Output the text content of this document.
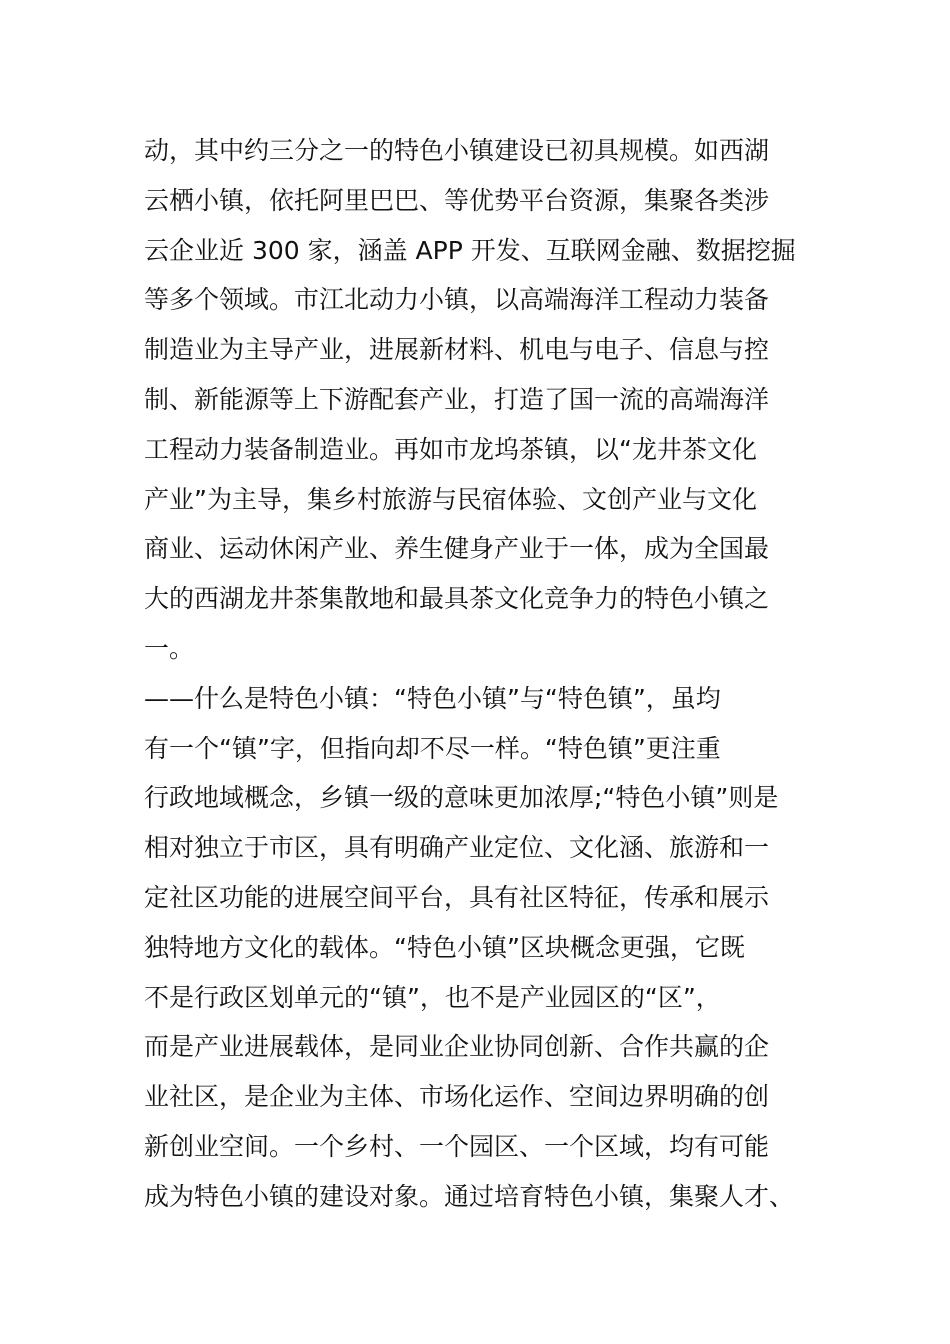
动，其中约三分之一的特色小镇建设已初具规模。如西湖
云栖小镇，依托阿里巴巴、等优势平台资源，集聚各类涉
云企业近 300 家，涵盖 APP 开发、互联网金融、数据挖掘
等多个领域。市江北动力小镇，以高端海洋工程动力装备
制造业为主导产业，进展新材料、机电与电子、信息与控
制、新能源等上下游配套产业，打造了国一流的高端海洋
工程动力装备制造业。再如市龙坞茶镇，以“龙井茶文化
产业”为主导，集乡村旅游与民宿体验、文创产业与文化
商业、运动休闲产业、养生健身产业于一体，成为全国最
大的西湖龙井茶集散地和最具茶文化竞争力的特色小镇之
一。
——什么是特色小镇：“特色小镇”与“特色镇”，虽均
有一个“镇”字，但指向却不尽一样。“特色镇”更注重
行政地域概念，乡镇一级的意味更加浓厚;“特色小镇”则是
相对独立于市区，具有明确产业定位、文化涵、旅游和一
定社区功能的进展空间平台，具有社区特征，传承和展示
独特地方文化的载体。“特色小镇”区块概念更强，它既
不是行政区划单元的“镇”，也不是产业园区的“区”，
而是产业进展载体，是同业企业协同创新、合作共赢的企
业社区，是企业为主体、市场化运作、空间边界明确的创
新创业空间。一个乡村、一个园区、一个区域，均有可能
成为特色小镇的建设对象。通过培育特色小镇，集聚人才、
